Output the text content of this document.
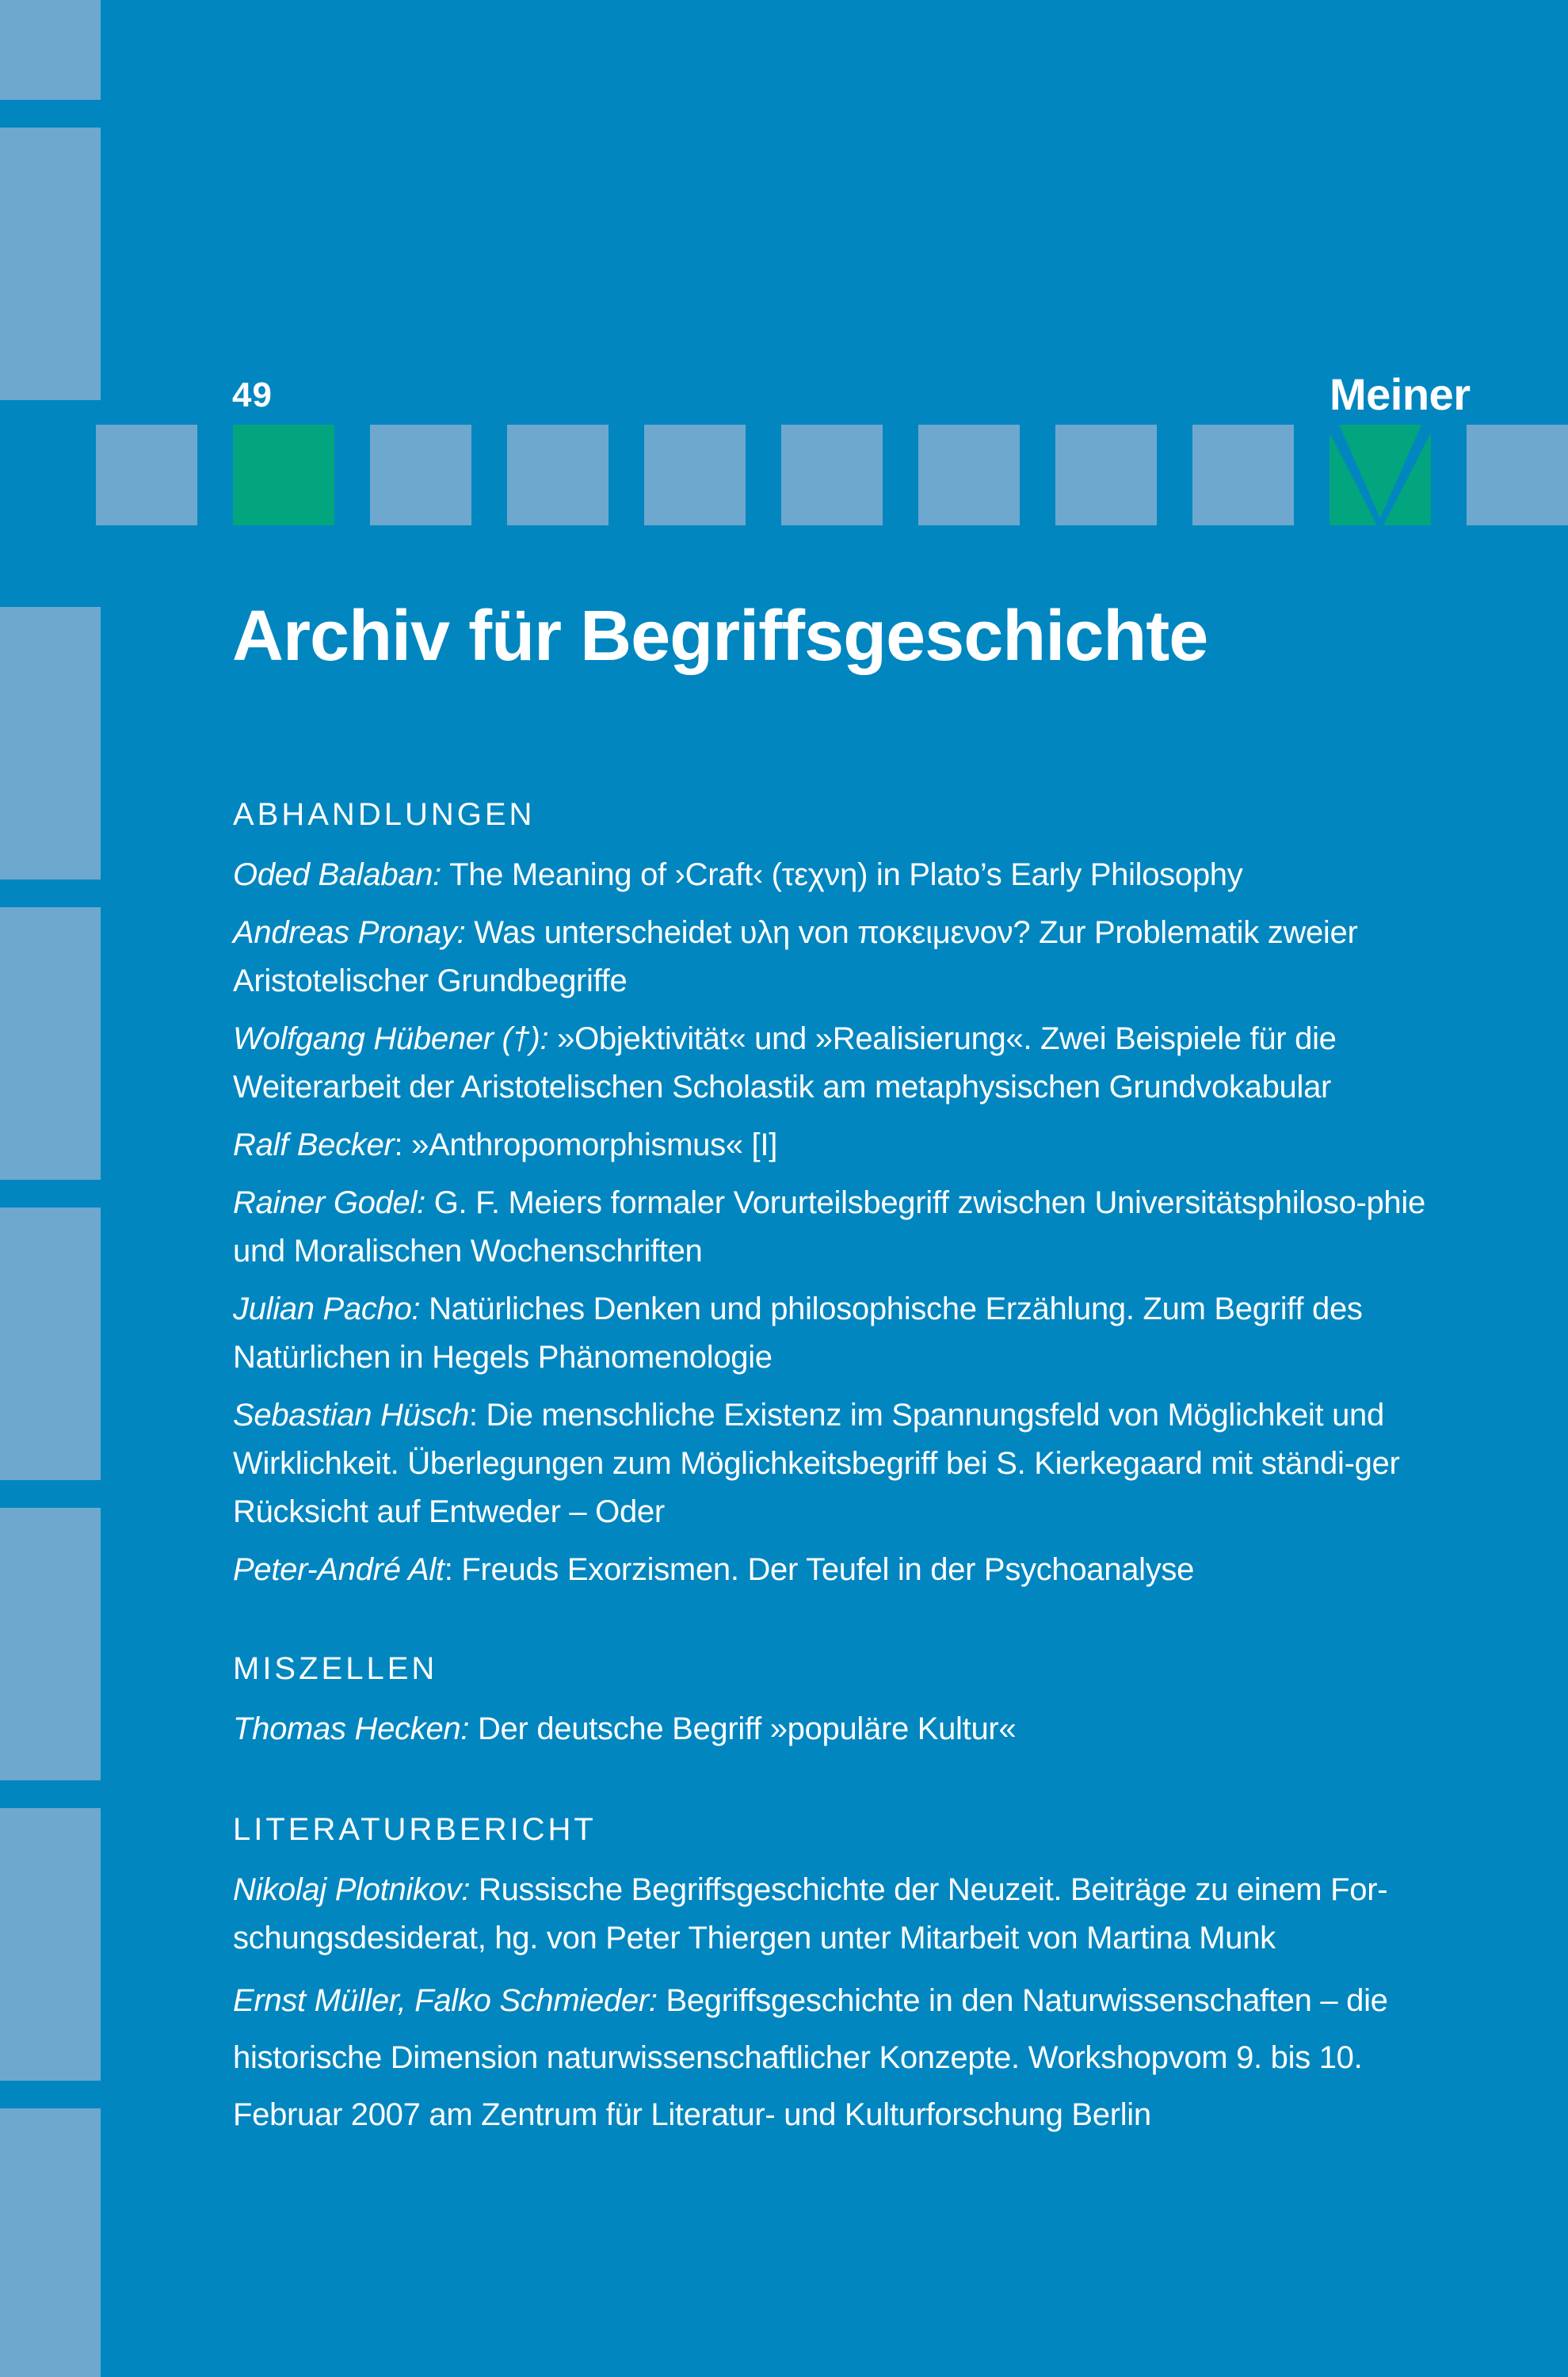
49	Meiner
Archiv für Begriffsgeschichte
ABHANDLUNGEN
Oded Balaban: The Meaning of ›Craft‹ (τεχνη) in Plato’s Early Philosophy
Andreas Pronay: Was unterscheidet υλη von ποκειμενον? Zur Problematik zweier Aristotelischer Grundbegriffe
Wolfgang Hübener (†): »Objektivität« und »Realisierung«. Zwei Beispiele für die Weiterarbeit der Aristotelischen Scholastik am metaphysischen Grundvokabular
Ralf Becker: »Anthropomorphismus« [I]
Rainer Godel: G. F. Meiers formaler Vorurteilsbegriff zwischen Universitätsphiloso-phie und Moralischen Wochenschriften
Julian Pacho: Natürliches Denken und philosophische Erzählung. Zum Begriff des Natürlichen in Hegels Phänomenologie
Sebastian Hüsch: Die menschliche Existenz im Spannungsfeld von Möglichkeit und Wirklichkeit. Überlegungen zum Möglichkeitsbegriff bei S. Kierkegaard mit ständi-ger Rücksicht auf Entweder – Oder
Peter-André Alt: Freuds Exorzismen. Der Teufel in der Psychoanalyse
MISZELLEN
Thomas Hecken: Der deutsche Begriff »populäre Kultur«
LITERATURBERICHT
Nikolaj Plotnikov: Russische Begriffsgeschichte der Neuzeit. Beiträge zu einem For-schungsdesiderat, hg. von Peter Thiergen unter Mitarbeit von Martina Munk
Ernst Müller, Falko Schmieder: Begriffsgeschichte in den Naturwissenschaften – die historische Dimension naturwissenschaftlicher Konzepte. Workshopvom 9. bis 10. Februar 2007 am Zentrum für Literatur- und Kulturforschung Berlin
